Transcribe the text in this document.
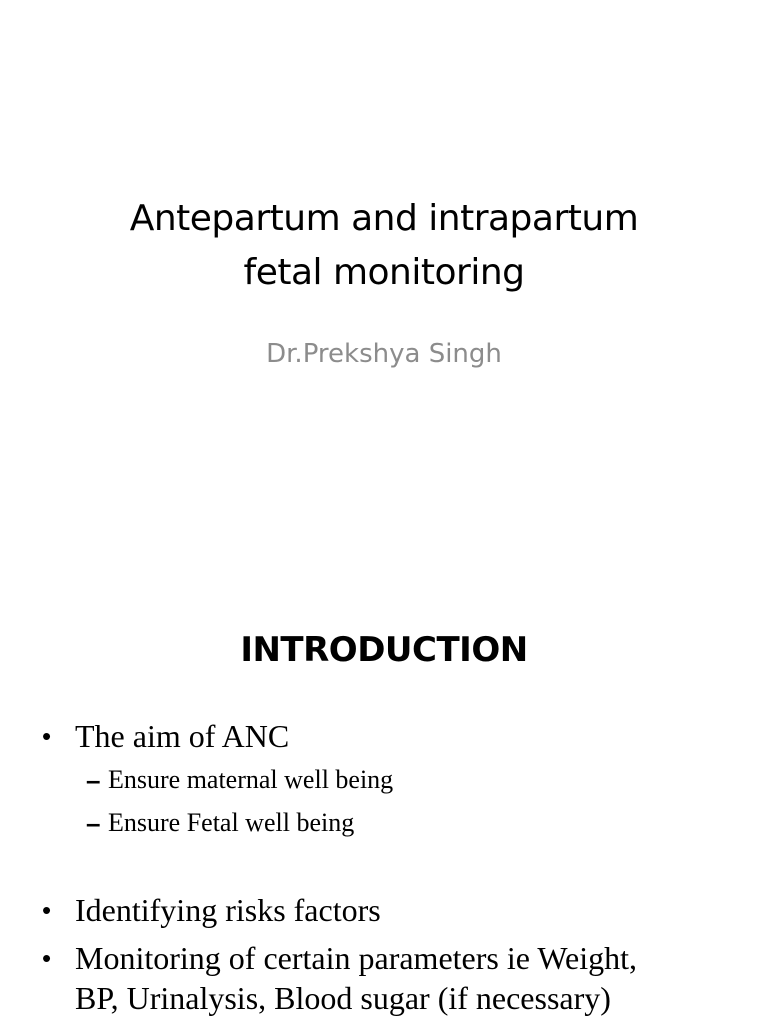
Antepartum and intrapartum
fetal monitoring

Dr.Prekshya Singh

INTRODUCTION
• The aim of ANC
– Ensure maternal well being
– Ensure Fetal well being
• Identifying risks factors
• Monitoring of certain parameters ie Weight,
BP, Urinalysis, Blood sugar (if necessary)
